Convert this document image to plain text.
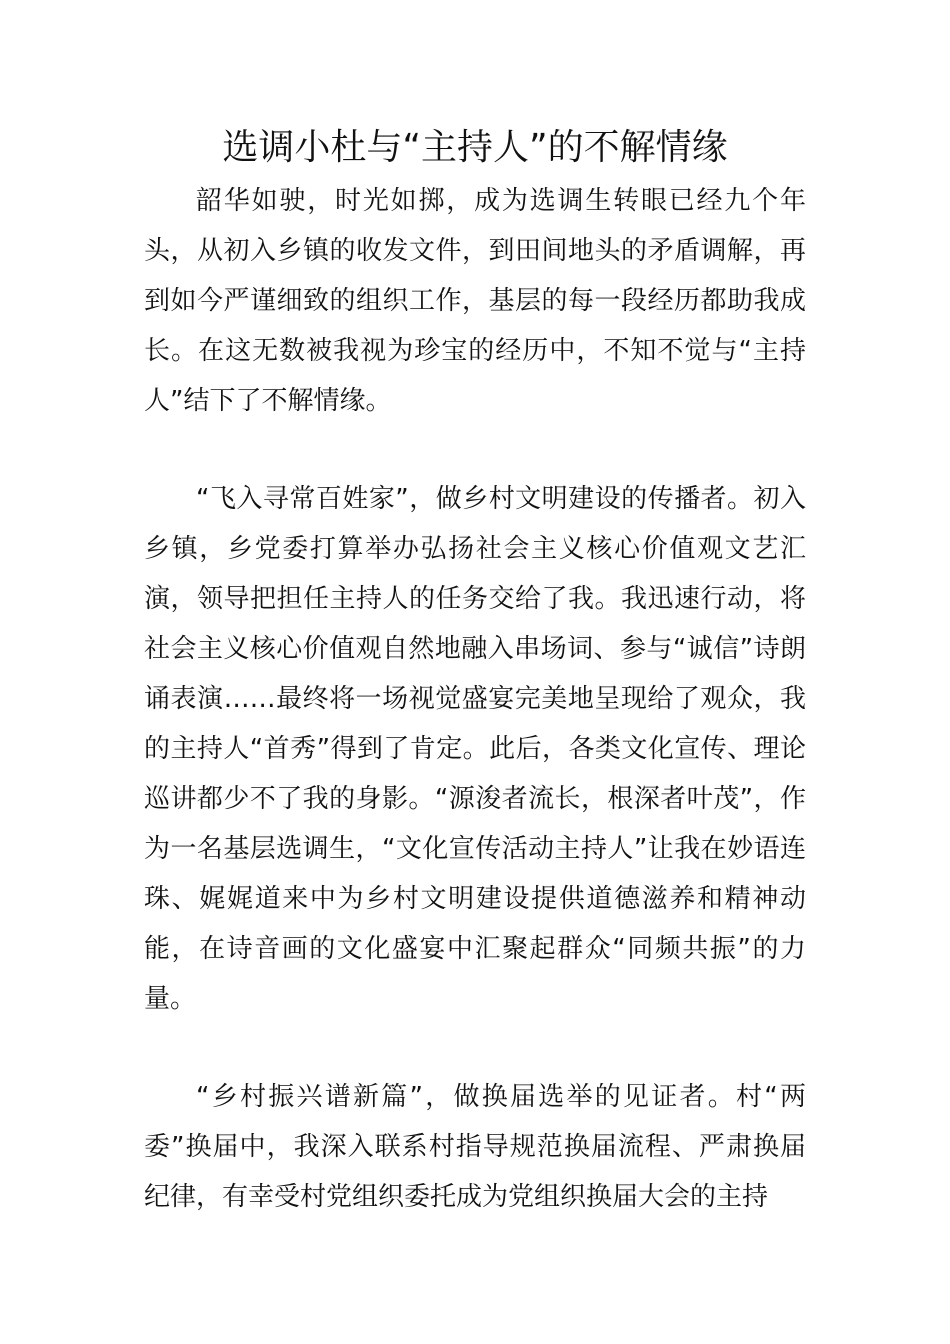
选调小杜与“主持人”的不解情缘

韶华如驶，时光如掷，成为选调生转眼已经九个年头，从初入乡镇的收发文件，到田间地头的矛盾调解，再到如今严谨细致的组织工作，基层的每一段经历都助我成长。在这无数被我视为珍宝的经历中，不知不觉与“主持人”结下了不解情缘。

“飞入寻常百姓家”，做乡村文明建设的传播者。初入乡镇，乡党委打算举办弘扬社会主义核心价值观文艺汇演，领导把担任主持人的任务交给了我。我迅速行动，将社会主义核心价值观自然地融入串场词、参与“诚信”诗朗诵表演……最终将一场视觉盛宴完美地呈现给了观众，我的主持人“首秀”得到了肯定。此后，各类文化宣传、理论巡讲都少不了我的身影。“源浚者流长，根深者叶茂”，作为一名基层选调生，“文化宣传活动主持人”让我在妙语连珠、娓娓道来中为乡村文明建设提供道德滋养和精神动能，在诗音画的文化盛宴中汇聚起群众“同频共振”的力量。

“乡村振兴谱新篇”，做换届选举的见证者。村“两委”换届中，我深入联系村指导规范换届流程、严肃换届纪律，有幸受村党组织委托成为党组织换届大会的主持
